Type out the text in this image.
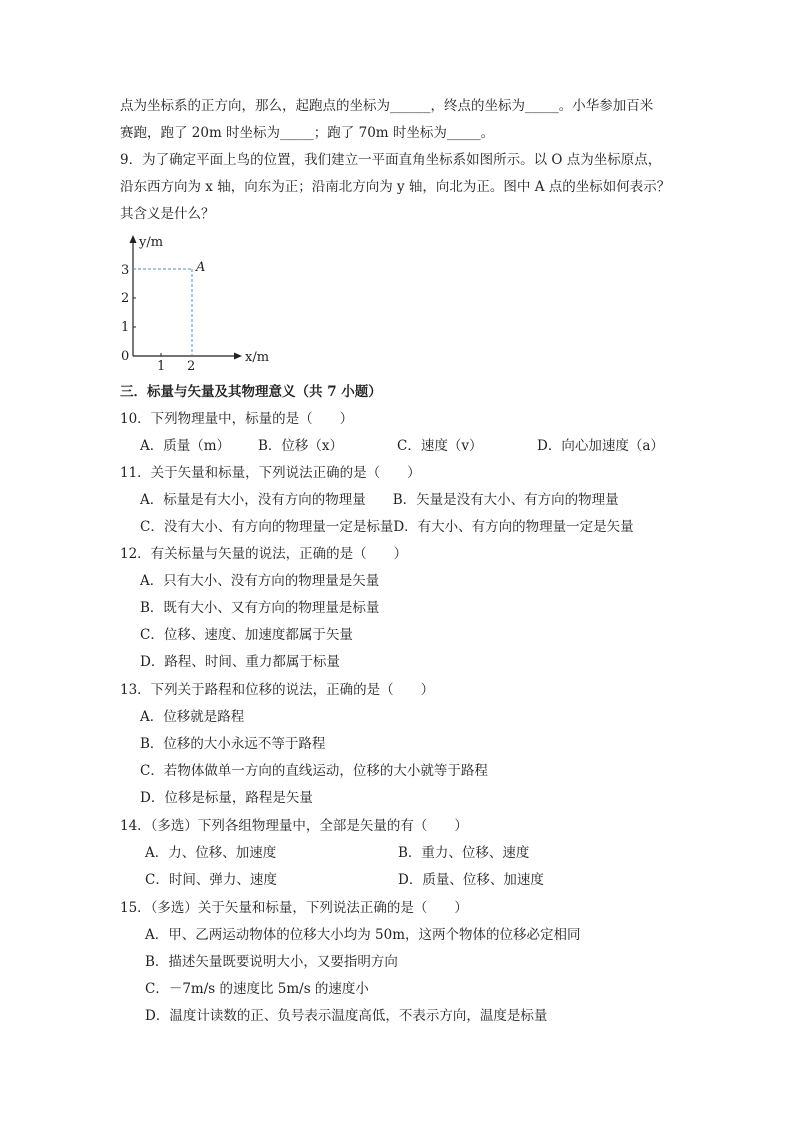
点为坐标系的正方向，那么，起跑点的坐标为______，终点的坐标为_____。小华参加百米
赛跑，跑了 20m 时坐标为_____；跑了 70m 时坐标为_____。
9．为了确定平面上鸟的位置，我们建立一平面直角坐标系如图所示。以 O 点为坐标原点，
沿东西方向为 x 轴，向东为正；沿南北方向为 y 轴，向北为正。图中 A 点的坐标如何表示？
其含义是什么？
y/m
A
3
2
1
0
1 2
x/m
三．标量与矢量及其物理意义（共 7 小题）
10．下列物理量中，标量的是（　　）
A．质量（m） B．位移（x）	C．速度（v）	D．向心加速度（a）
11．关于矢量和标量，下列说法正确的是（　　）
A．标量是有大小，没有方向的物理量　　B．矢量是没有大小、有方向的物理量
C．没有大小、有方向的物理量一定是标量D．有大小、有方向的物理量一定是矢量
12．有关标量与矢量的说法，正确的是（　　）
A．只有大小、没有方向的物理量是矢量
B．既有大小、又有方向的物理量是标量
C．位移、速度、加速度都属于矢量
D．路程、时间、重力都属于标量
13．下列关于路程和位移的说法，正确的是（　　）
A．位移就是路程
B．位移的大小永远不等于路程
C．若物体做单一方向的直线运动，位移的大小就等于路程
D．位移是标量，路程是矢量
14．（多选）下列各组物理量中，全部是矢量的有（　　）
A．力、位移、加速度	B．重力、位移、速度
C．时间、弹力、速度	D．质量、位移、加速度
15．（多选）关于矢量和标量，下列说法正确的是（　　）
A．甲、乙两运动物体的位移大小均为 50m，这两个物体的位移必定相同
B．描述矢量既要说明大小，又要指明方向
C．－7m/s 的速度比 5m/s 的速度小
D．温度计读数的正、负号表示温度高低，不表示方向，温度是标量
